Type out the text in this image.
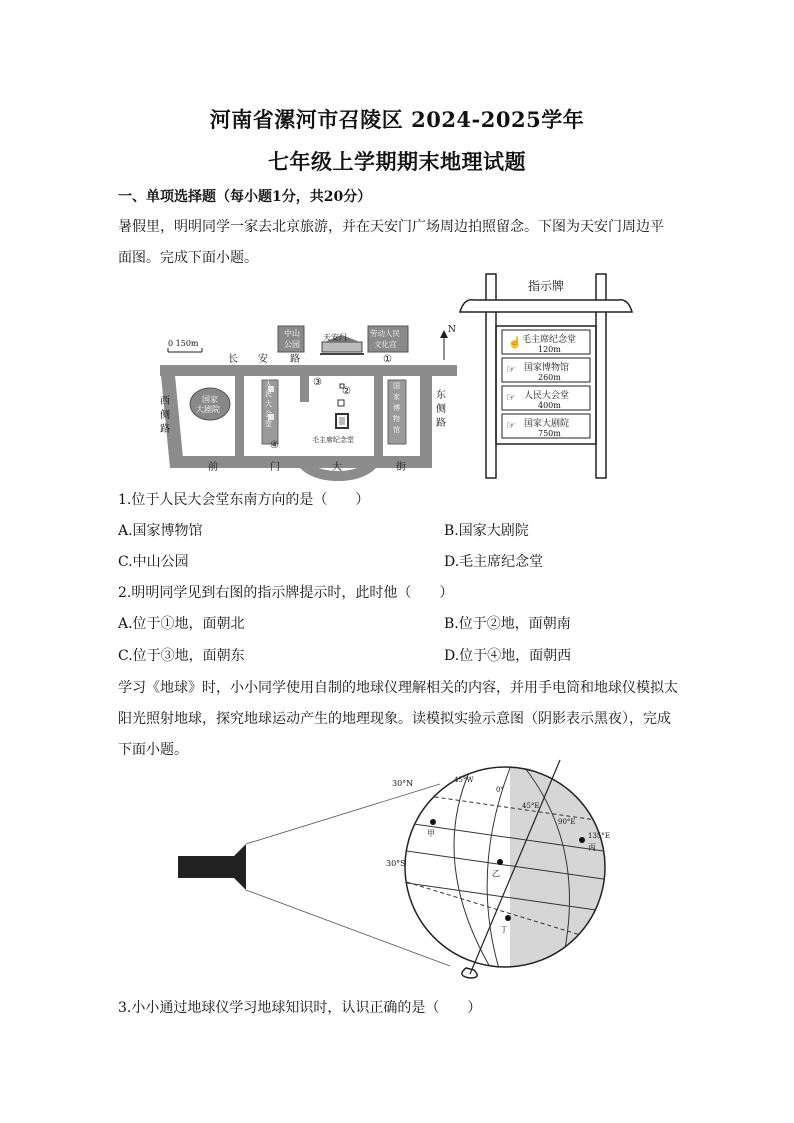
河南省漯河市召陵区 2024-2025学年
七年级上学期期末地理试题
一、单项选择题（每小题1分，共20分）
暑假里，明明同学一家去北京旅游，并在天安门广场周边拍照留念。下图为天安门周边平
面图。完成下面小题。
0 150m
N
天安门
中山
公园
劳动人民
文化宫
长 安 路
西
侧
路
东
侧
路
国家
大剧院
人
民
大
会
堂
国
家
博
物
馆
毛主席纪念堂
①
②
③
④
前	门	大	街
指示牌
☝
☞
☞
☞
毛主席纪念堂
120m
国家博物馆
260m
人民大会堂
400m
国家大剧院
750m
1.位于人民大会堂东南方向的是（　　）
A.国家博物馆	B.国家大剧院
C.中山公园	D.毛主席纪念堂
2.明明同学见到右图的指示牌提示时，此时他（　　）
A.位于①地，面朝北	B.位于②地，面朝南
C.位于③地，面朝东	D.位于④地，面朝西
学习《地球》时，小小同学使用自制的地球仪理解相关的内容，并用手电筒和地球仪模拟太
阳光照射地球，探究地球运动产生的地理现象。读模拟实验示意图（阴影表示黑夜），完成
下面小题。
30°N
30°S
45°W
0°
45°E
90°E
135°E
甲
乙
丙
丁
3.小小通过地球仪学习地球知识时，认识正确的是（　　）
